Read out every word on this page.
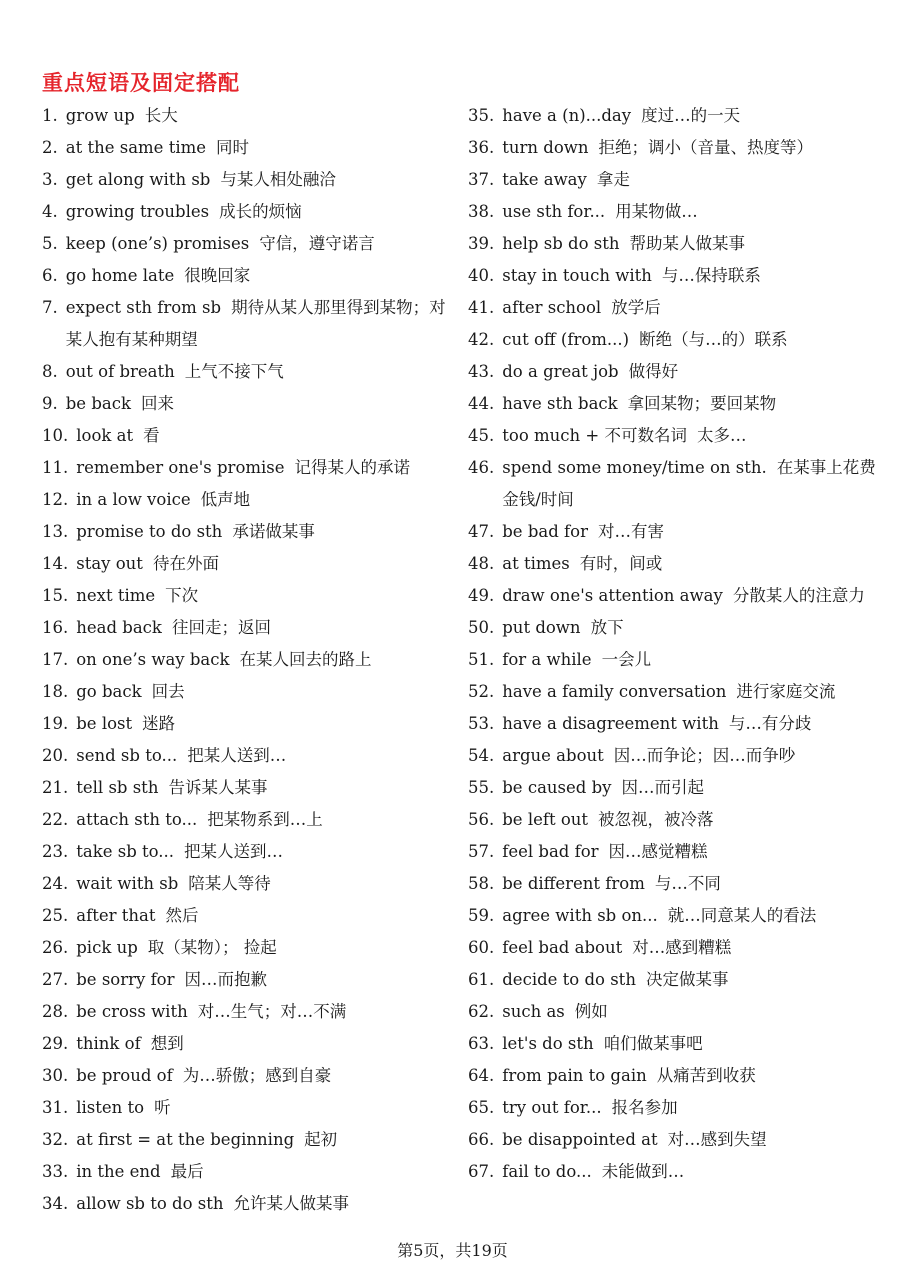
重点短语及固定搭配
1. grow up 长大
2. at the same time 同时
3. get along with sb 与某人相处融洽
4. growing troubles 成长的烦恼
5. keep (one’s) promises 守信，遵守诺言
6. go home late 很晚回家
7. expect sth from sb 期待从某人那里得到某物；对某人抱有某种期望
8. out of breath 上气不接下气
9. be back 回来
10. look at 看
11. remember one's promise 记得某人的承诺
12. in a low voice 低声地
13. promise to do sth 承诺做某事
14. stay out 待在外面
15. next time 下次
16. head back 往回走；返回
17. on one’s way back 在某人回去的路上
18. go back 回去
19. be lost 迷路
20. send sb to... 把某人送到…
21. tell sb sth 告诉某人某事
22. attach sth to... 把某物系到…上
23. take sb to... 把某人送到…
24. wait with sb 陪某人等待
25. after that 然后
26. pick up 取（某物）； 捡起
27. be sorry for 因…而抱歉
28. be cross with 对…生气；对…不满
29. think of 想到
30. be proud of 为…骄傲；感到自豪
31. listen to 听
32. at first = at the beginning 起初
33. in the end 最后
34. allow sb to do sth 允许某人做某事
35. have a (n)...day 度过…的一天
36. turn down 拒绝；调小（音量、热度等）
37. take away 拿走
38. use sth for... 用某物做…
39. help sb do sth 帮助某人做某事
40. stay in touch with 与…保持联系
41. after school 放学后
42. cut off (from...) 断绝（与…的）联系
43. do a great job 做得好
44. have sth back 拿回某物；要回某物
45. too much + 不可数名词 太多…
46. spend some money/time on sth. 在某事上花费金钱/时间
47. be bad for 对…有害
48. at times 有时，间或
49. draw one's attention away 分散某人的注意力
50. put down 放下
51. for a while 一会儿
52. have a family conversation 进行家庭交流
53. have a disagreement with 与…有分歧
54. argue about 因…而争论；因…而争吵
55. be caused by 因…而引起
56. be left out 被忽视，被冷落
57. feel bad for 因…感觉糟糕
58. be different from 与…不同
59. agree with sb on... 就…同意某人的看法
60. feel bad about 对…感到糟糕
61. decide to do sth 决定做某事
62. such as 例如
63. let's do sth 咱们做某事吧
64. from pain to gain 从痛苦到收获
65. try out for... 报名参加
66. be disappointed at 对…感到失望
67. fail to do... 未能做到…
第5页，共19页
